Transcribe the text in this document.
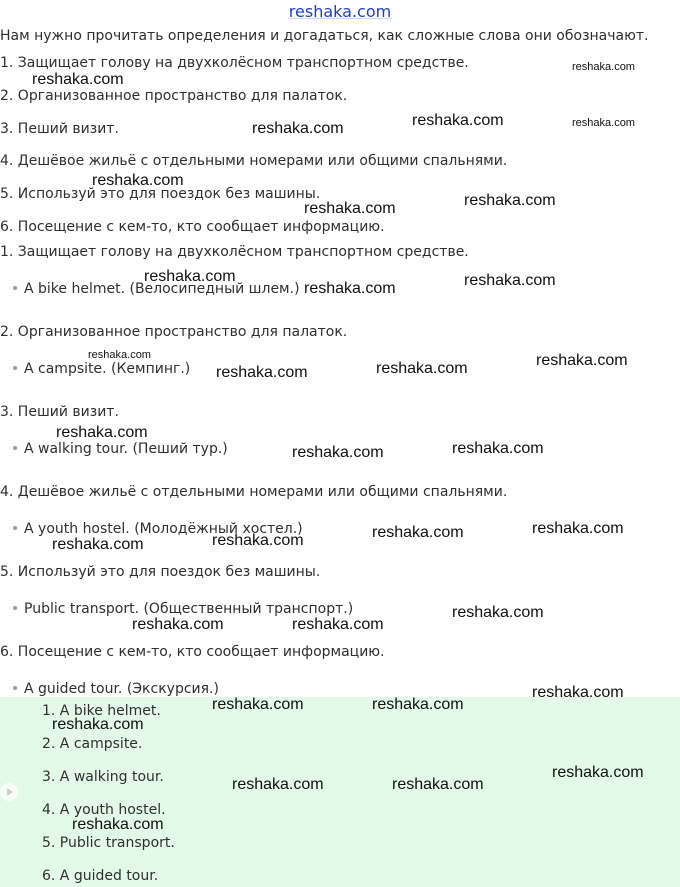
reshaka.com
Нам нужно прочитать определения и догадаться, как сложные слова они обозначают.
1. Защищает голову на двухколёсном транспортном средстве.
2. Организованное пространство для палаток.
3. Пеший визит.
4. Дешёвое жильё с отдельными номерами или общими спальнями.
5. Используй это для поездок без машины.
6. Посещение с кем-то, кто сообщает информацию.
1. Защищает голову на двухколёсном транспортном средстве.
A bike helmet. (Велосипедный шлем.)
2. Организованное пространство для палаток.
A campsite. (Кемпинг.)
3. Пеший визит.
A walking tour. (Пеший тур.)
4. Дешёвое жильё с отдельными номерами или общими спальнями.
A youth hostel. (Молодёжный хостел.)
5. Используй это для поездок без машины.
Public transport. (Общественный транспорт.)
6. Посещение с кем-то, кто сообщает информацию.
A guided tour. (Экскурсия.)
1. A bike helmet.
2. A campsite.
3. A walking tour.
4. A youth hostel.
5. Public transport.
6. A guided tour.
reshaka.com
reshaka.com
reshaka.com	reshaka.com	reshaka.com
reshaka.com
reshaka.com	reshaka.com
reshaka.com
reshaka.com	reshaka.com
reshaka.com
reshaka.com	reshaka.com	reshaka.com
reshaka.com
reshaka.com	reshaka.com
reshaka.com	reshaka.com	reshaka.com	reshaka.com
reshaka.com	reshaka.com
reshaka.com
reshaka.com
reshaka.com	reshaka.com
reshaka.com
reshaka.com
reshaka.com	reshaka.com
reshaka.com
